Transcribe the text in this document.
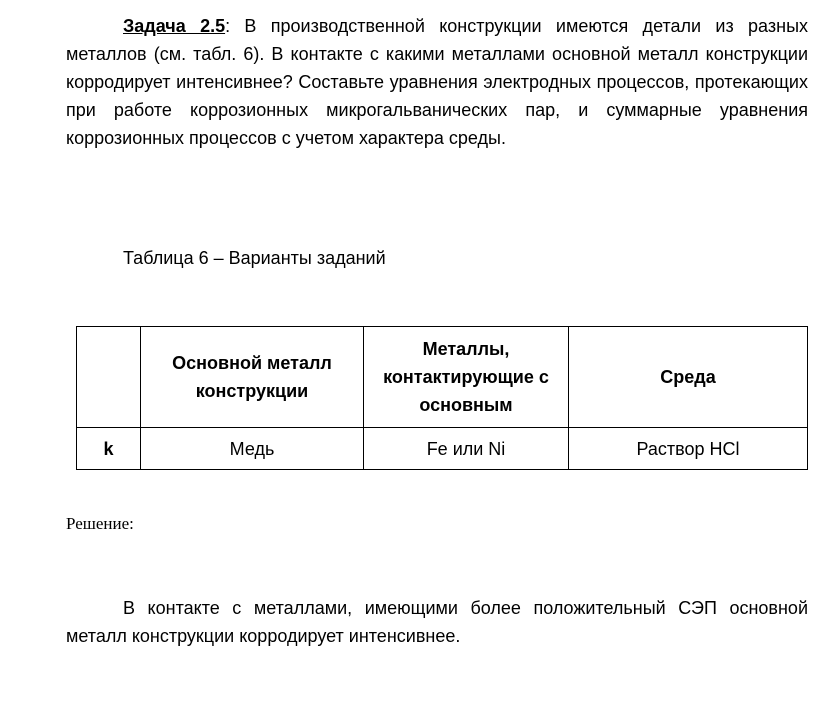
Задача 2.5: В производственной конструкции имеются детали из разных металлов (см. табл. 6). В контакте с какими металлами основной металл конструкции корродирует интенсивнее? Составьте уравнения электродных процессов, протекающих при работе коррозионных микрогальванических пар, и суммарные уравнения коррозионных процессов с учетом характера среды.

Таблица 6 – Варианты заданий

	Основной металл конструкции	Металлы, контактирующие с основным	Среда
k	Медь	Fe или Ni	Раствор HCl

Решение:

В контакте с металлами, имеющими более положительный СЭП основной металл конструкции корродирует интенсивнее.
